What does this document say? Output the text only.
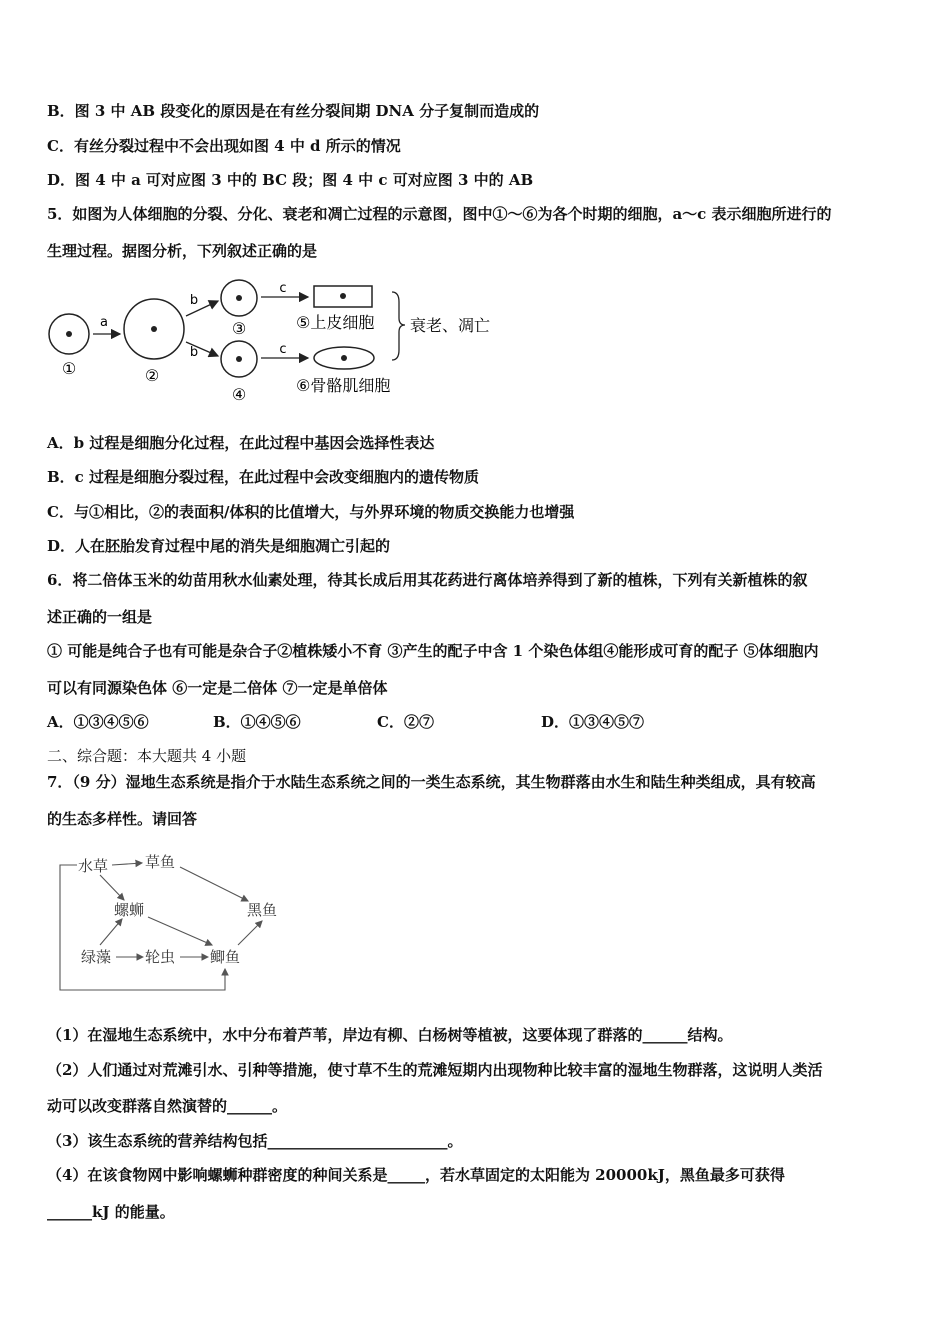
B．图 3 中 AB 段变化的原因是在有丝分裂间期 DNA 分子复制而造成的
C．有丝分裂过程中不会出现如图 4 中 d 所示的情况
D．图 4 中 a 可对应图 3 中的 BC 段；图 4 中 c 可对应图 3 中的 AB
5．如图为人体细胞的分裂、分化、衰老和凋亡过程的示意图，图中①～⑥为各个时期的细胞，a～c 表示细胞所进行的
生理过程。据图分析，下列叙述正确的是
①
a
②
b
b
③
④
c
c
⑤上皮细胞
⑥骨骼肌细胞
衰老、凋亡
A．b 过程是细胞分化过程，在此过程中基因会选择性表达
B．c 过程是细胞分裂过程，在此过程中会改变细胞内的遗传物质
C．与①相比，②的表面积/体积的比值增大，与外界环境的物质交换能力也增强
D．人在胚胎发育过程中尾的消失是细胞凋亡引起的
6．将二倍体玉米的幼苗用秋水仙素处理，待其长成后用其花药进行离体培养得到了新的植株，下列有关新植株的叙
述正确的一组是
① 可能是纯合子也有可能是杂合子②植株矮小不育 ③产生的配子中含 1 个染色体组④能形成可育的配子 ⑤体细胞内
可以有同源染色体 ⑥一定是二倍体 ⑦一定是单倍体
A．①③④⑤⑥	B．①④⑤⑥	C．②⑦	D．①③④⑤⑦
二、综合题：本大题共 4 小题
7．（9 分）湿地生态系统是指介于水陆生态系统之间的一类生态系统，其生物群落由水生和陆生种类组成，具有较高
的生态多样性。请回答
水草 草鱼
螺蛳	黑鱼
绿藻 轮虫 鲫鱼
（1）在湿地生态系统中，水中分布着芦苇，岸边有柳、白杨树等植被，这要体现了群落的______结构。
（2）人们通过对荒滩引水、引种等措施，使寸草不生的荒滩短期内出现物种比较丰富的湿地生物群落，这说明人类活
动可以改变群落自然演替的______。
（3）该生态系统的营养结构包括________________________。
（4）在该食物网中影响螺蛳种群密度的种间关系是_____，若水草固定的太阳能为 20000kJ，黑鱼最多可获得
______kJ 的能量。
